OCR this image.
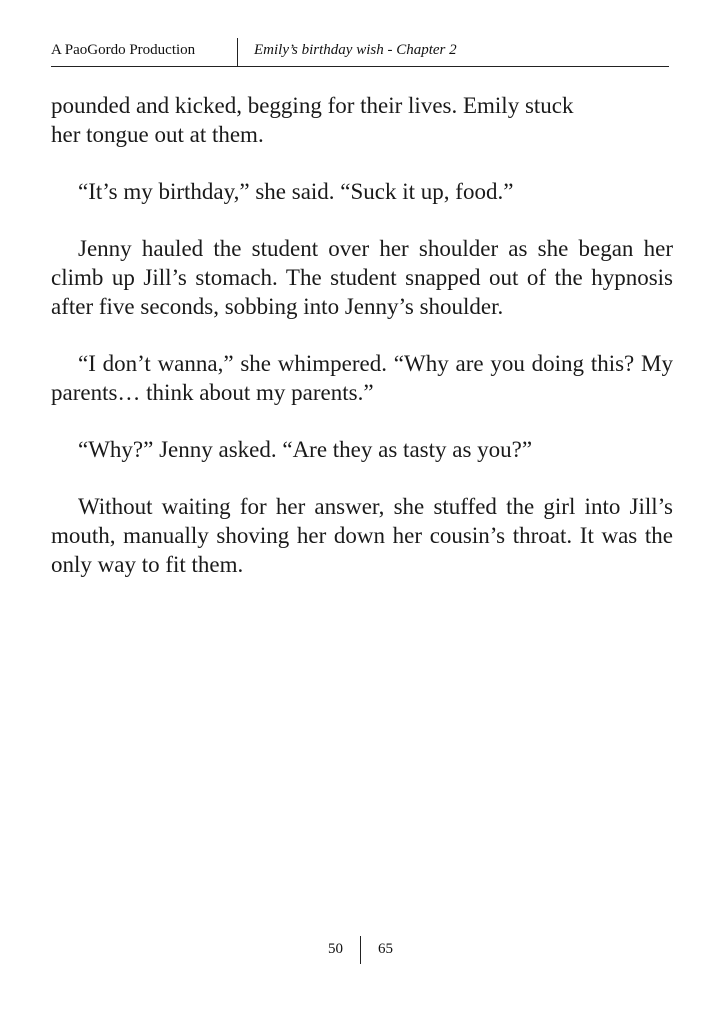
A PaoGordo Production	Emily’s birthday wish - Chapter 2

pounded and kicked, begging for their lives. Emily stuck
her tongue out at them.

“It’s my birthday,” she said. “Suck it up, food.”

Jenny hauled the student over her shoulder as she began her climb up Jill’s stomach. The student snapped out of the hypnosis after five seconds, sobbing into Jenny’s shoulder.

“I don’t wanna,” she whimpered. “Why are you doing this? My parents… think about my parents.”

“Why?” Jenny asked. “Are they as tasty as you?”

Without waiting for her answer, she stuffed the girl into Jill’s mouth, manually shoving her down her cousin’s throat. It was the only way to fit them.

50 65
